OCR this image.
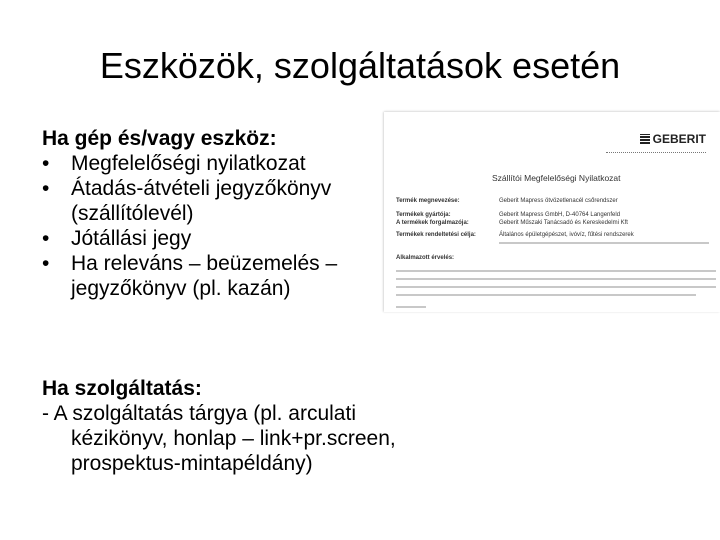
Eszközök, szolgáltatások esetén
Ha gép és/vagy eszköz:
• Megfelelőségi nyilatkozat
• Átadás-átvételi jegyzőkönyv
(szállítólevél)
• Jótállási jegy
• Ha releváns – beüzemelés –
jegyzőkönyv (pl. kazán)
Ha szolgáltatás:
- A szolgáltatás tárgya (pl. arculati
kézikönyv, honlap – link+pr.screen,
prospektus-mintapéldány)
GEBERIT
Szállítói Megfelelőségi Nyilatkozat
Termék megnevezése:	Geberit Mapress ötvözetlenacél csőrendszer
Termékek gyártója:	Geberit Mapress GmbH, D-40764 Langenfeld
A termékek forgalmazója:	Geberit Műszaki Tanácsadó és Kereskedelmi Kft
Termékek rendeltetési célja:	Általános épületgépészet, ivóvíz, fűtési rendszerek
Alkalmazott érvelés:
